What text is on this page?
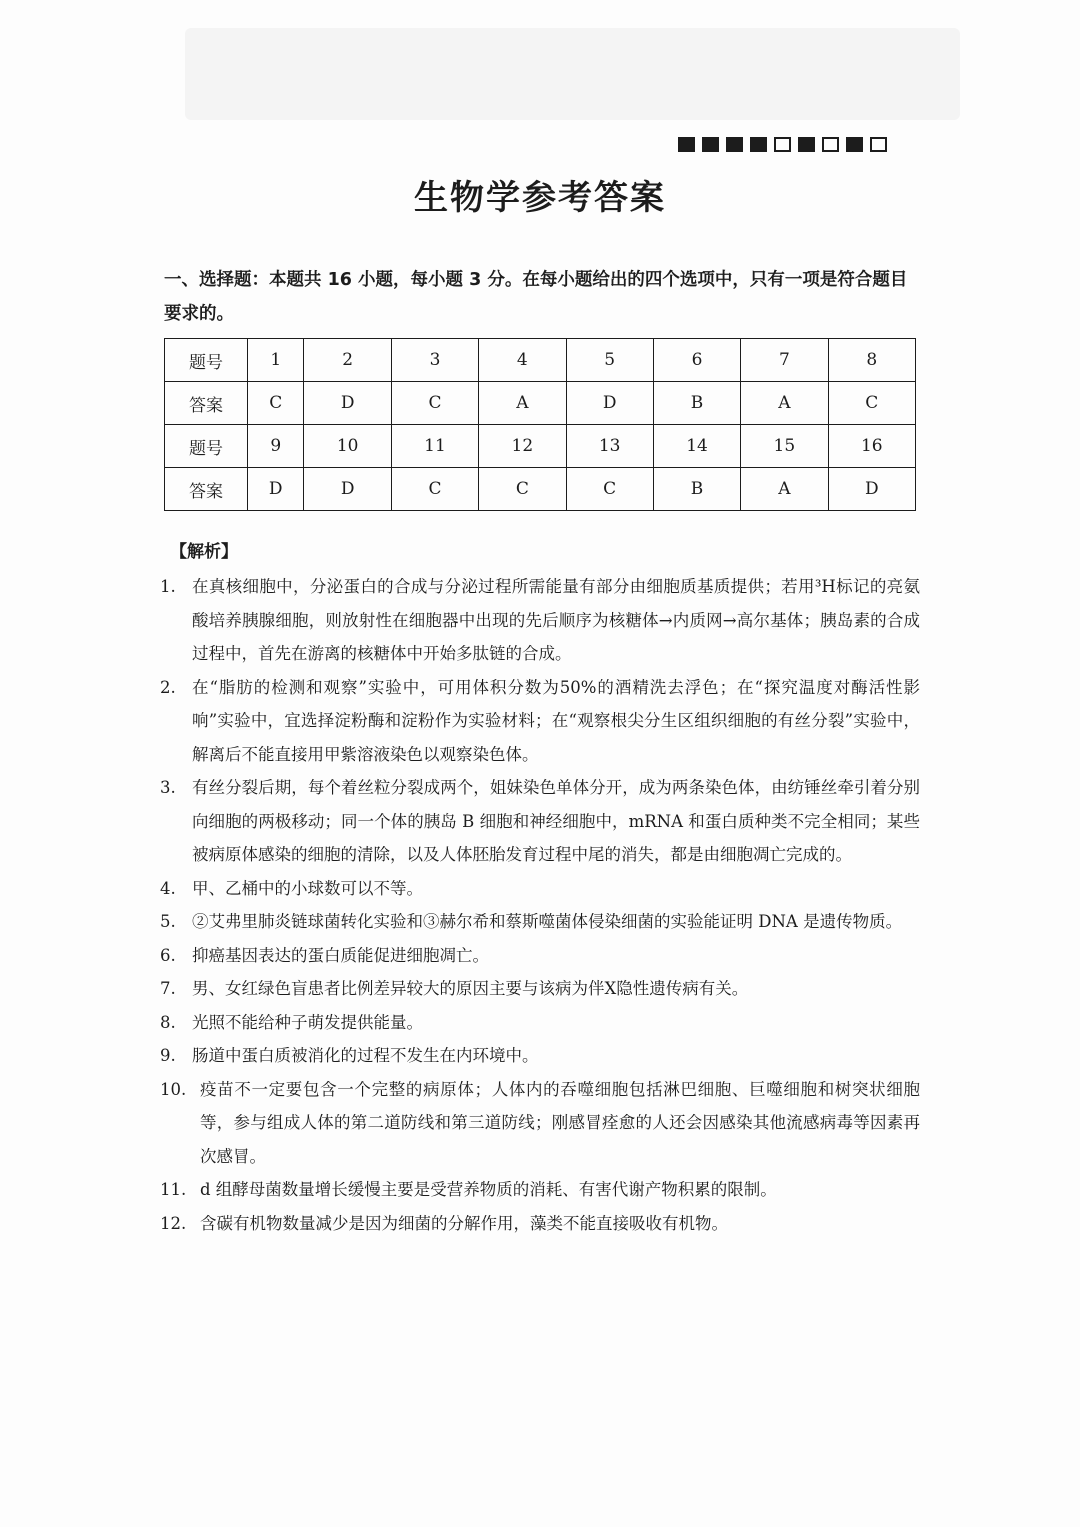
生物学参考答案
一、选择题：本题共 16 小题，每小题 3 分。在每小题给出的四个选项中，只有一项是符合题目要求的。
题号	1	2	3	4	5	6	7	8
答案	C	D	C	A	D	B	A	C
题号	9	10	11	12	13	14	15	16
答案	D	D	C	C	C	B	A	D
【解析】
1. 在真核细胞中，分泌蛋白的合成与分泌过程所需能量有部分由细胞质基质提供；若用³H标记的亮氨酸培养胰腺细胞，则放射性在细胞器中出现的先后顺序为核糖体→内质网→高尔基体；胰岛素的合成过程中，首先在游离的核糖体中开始多肽链的合成。
2. 在“脂肪的检测和观察”实验中，可用体积分数为50%的酒精洗去浮色；在“探究温度对酶活性影响”实验中，宜选择淀粉酶和淀粉作为实验材料；在“观察根尖分生区组织细胞的有丝分裂”实验中，解离后不能直接用甲紫溶液染色以观察染色体。
3. 有丝分裂后期，每个着丝粒分裂成两个，姐妹染色单体分开，成为两条染色体，由纺锤丝牵引着分别向细胞的两极移动；同一个体的胰岛 B 细胞和神经细胞中，mRNA 和蛋白质种类不完全相同；某些被病原体感染的细胞的清除，以及人体胚胎发育过程中尾的消失，都是由细胞凋亡完成的。
4. 甲、乙桶中的小球数可以不等。
5. ②艾弗里肺炎链球菌转化实验和③赫尔希和蔡斯噬菌体侵染细菌的实验能证明 DNA 是遗传物质。
6. 抑癌基因表达的蛋白质能促进细胞凋亡。
7. 男、女红绿色盲患者比例差异较大的原因主要与该病为伴X隐性遗传病有关。
8. 光照不能给种子萌发提供能量。
9. 肠道中蛋白质被消化的过程不发生在内环境中。
10. 疫苗不一定要包含一个完整的病原体；人体内的吞噬细胞包括淋巴细胞、巨噬细胞和树突状细胞等，参与组成人体的第二道防线和第三道防线；刚感冒痊愈的人还会因感染其他流感病毒等因素再次感冒。
11. d 组酵母菌数量增长缓慢主要是受营养物质的消耗、有害代谢产物积累的限制。
12. 含碳有机物数量减少是因为细菌的分解作用，藻类不能直接吸收有机物。
